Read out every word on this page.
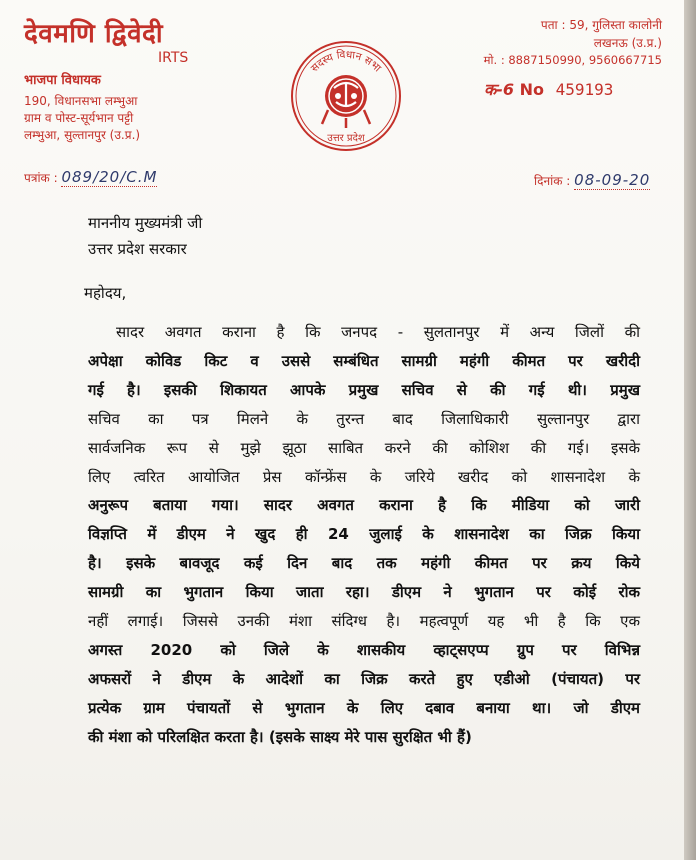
देवमणि द्विवेदी
IRTS
भाजपा विधायक
190, विधानसभा लम्भुआ
ग्राम व पोस्ट-सूर्यभान पट्टी
लम्भुआ, सुल्तानपुर (उ.प्र.)
सदस्य विधान सभा
उत्तर प्रदेश
पता : 59, गुलिस्ता कालोनी
लखनऊ (उ.प्र.)
मो. : 8887150990, 9560667715
क-6 No 459193
पत्रांक : 089/20/C.M	दिनांक : 08-09-20

माननीय मुख्यमंत्री जी

उत्तर प्रदेश सरकार

महोदय,

सादर अवगत कराना है कि जनपद - सुलतानपुर में अन्य जिलों की
अपेक्षा कोविड किट व उससे सम्बंधित सामग्री महंगी कीमत पर खरीदी
गई है। इसकी शिकायत आपके प्रमुख सचिव से की गई थी। प्रमुख
सचिव का पत्र मिलने के तुरन्त बाद जिलाधिकारी सुल्तानपुर द्वारा
सार्वजनिक रूप से मुझे झूठा साबित करने की कोशिश की गई। इसके
लिए त्वरित आयोजित प्रेस कॉन्फ्रेंस के जरिये खरीद को शासनादेश के
अनुरूप बताया गया। सादर अवगत कराना है कि मीडिया को जारी
विज्ञप्ति में डीएम ने खुद ही 24 जुलाई के शासनादेश का जिक्र किया
है। इसके बावजूद कई दिन बाद तक महंगी कीमत पर क्रय किये
सामग्री का भुगतान किया जाता रहा। डीएम ने भुगतान पर कोई रोक
नहीं लगाई। जिससे उनकी मंशा संदिग्ध है। महत्वपूर्ण यह भी है कि एक
अगस्त 2020 को जिले के शासकीय व्हाट्सएप्प ग्रुप पर विभिन्न
अफसरों ने डीएम के आदेशों का जिक्र करते हुए एडीओ (पंचायत) पर
प्रत्येक ग्राम पंचायतों से भुगतान के लिए दबाव बनाया था। जो डीएम
की मंशा को परिलक्षित करता है। (इसके साक्ष्य मेरे पास सुरक्षित भी हैं)
